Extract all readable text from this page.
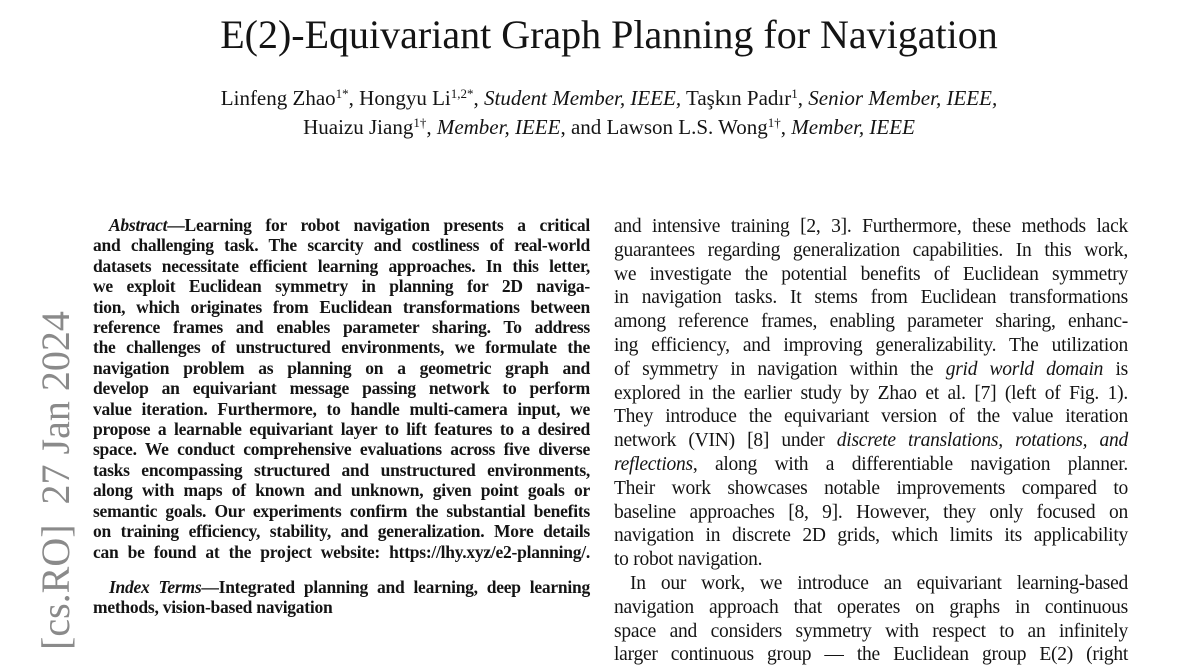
[cs.RO]  27 Jan 2024
E(2)-Equivariant Graph Planning for Navigation
Linfeng Zhao$^{1*}$, Hongyu $Li^{1,2*}$, Student Member, IEEE, Taşkın Padır$^1$, Senior Member, IEEE,
Huaizu Jiang$^{1\dagger}$, Member, IEEE, and Lawson L.S. Wong$^{1\dagger}$, Member, IEEE
Abstract—Learning for robot navigation presents a critical
and challenging task. The scarcity and costliness of real-world
datasets necessitate efficient learning approaches. In this letter,
we exploit Euclidean symmetry in planning for 2D naviga-
tion, which originates from Euclidean transformations between
reference frames and enables parameter sharing. To address
the challenges of unstructured environments, we formulate the
navigation problem as planning on a geometric graph and
develop an equivariant message passing network to perform
value iteration. Furthermore, to handle multi-camera input, we
propose a learnable equivariant layer to lift features to a desired
space. We conduct comprehensive evaluations across five diverse
tasks encompassing structured and unstructured environments,
along with maps of known and unknown, given point goals or
semantic goals. Our experiments confirm the substantial benefits
on training efficiency, stability, and generalization. More details
can be found at the project website: https://lhy.xyz/e2-planning/.
Index Terms—Integrated planning and learning, deep learning
methods, vision-based navigation
and intensive training [2, 3]. Furthermore, these methods lack
guarantees regarding generalization capabilities. In this work,
we investigate the potential benefits of Euclidean symmetry
in navigation tasks. It stems from Euclidean transformations
among reference frames, enabling parameter sharing, enhanc-
ing efficiency, and improving generalizability. The utilization
of symmetry in navigation within the grid world domain is
explored in the earlier study by Zhao et al. [7] (left of Fig. 1).
They introduce the equivariant version of the value iteration
network (VIN) [8] under discrete translations, rotations, and
reflections, along with a differentiable navigation planner.
Their work showcases notable improvements compared to
baseline approaches [8, 9]. However, they only focused on
navigation in discrete 2D grids, which limits its applicability
to robot navigation.
In our work, we introduce an equivariant learning-based
navigation approach that operates on graphs in continuous
space and considers symmetry with respect to an infinitely
larger continuous group — the Euclidean group E(2) (right
